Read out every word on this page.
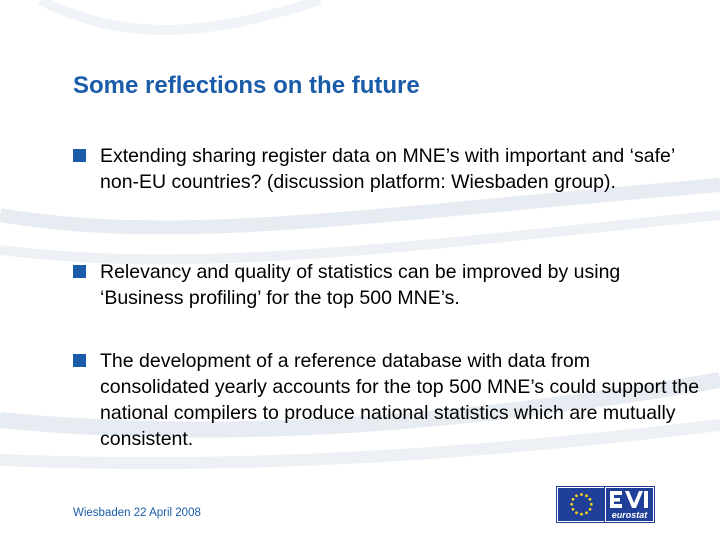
Some reflections on the future
Extending sharing register data on MNE’s with important and ‘safe’ non-EU countries? (discussion platform: Wiesbaden group).
Relevancy and quality of statistics can be improved by using ‘Business profiling’ for the top 500 MNE’s.
The development of a reference database with data from consolidated yearly accounts for the top 500 MNE’s could support the national compilers to produce national statistics which are mutually consistent.
Wiesbaden 22 April 2008	eurostat
